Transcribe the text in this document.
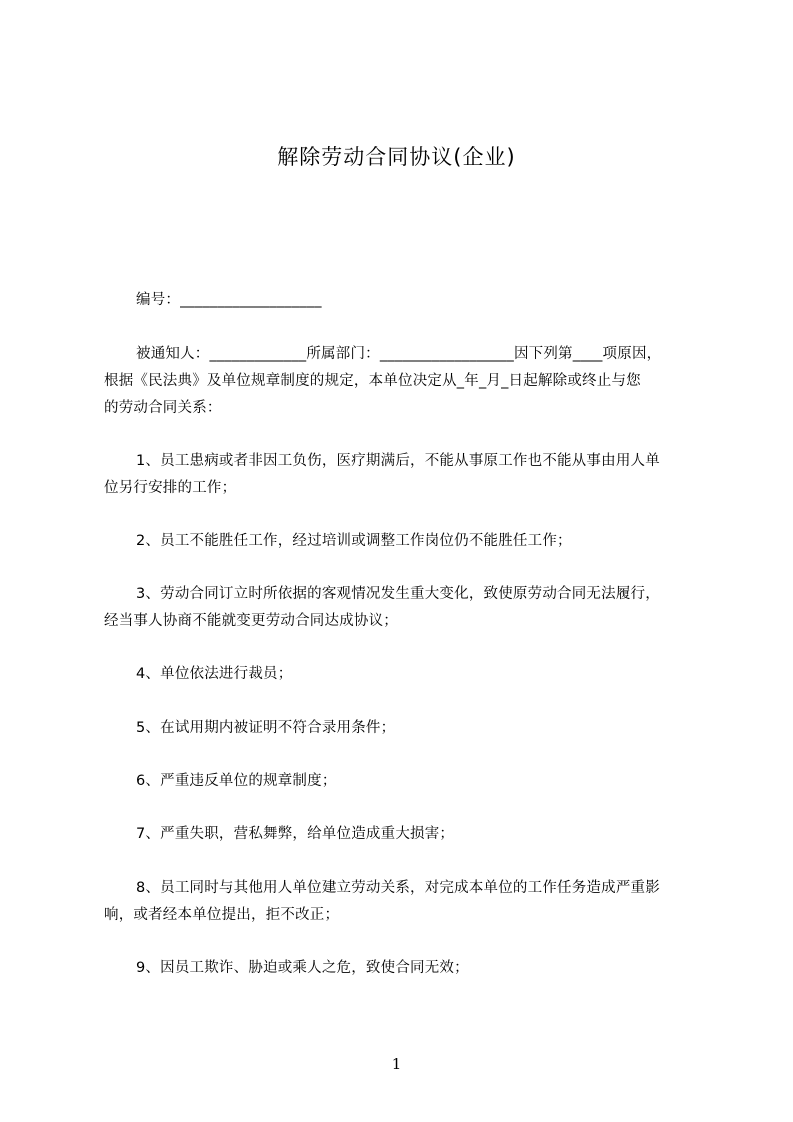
解除劳动合同协议(企业)
编号：___________________
被通知人：_____________所属部门：__________________因下列第____项原因，
根据《民法典》及单位规章制度的规定，本单位决定从_年_月_日起解除或终止与您
的劳动合同关系：
1、员工患病或者非因工负伤，医疗期满后，不能从事原工作也不能从事由用人单
位另行安排的工作；
2、员工不能胜任工作，经过培训或调整工作岗位仍不能胜任工作；
3、劳动合同订立时所依据的客观情况发生重大变化，致使原劳动合同无法履行，
经当事人协商不能就变更劳动合同达成协议；
4、单位依法进行裁员；
5、在试用期内被证明不符合录用条件；
6、严重违反单位的规章制度；
7、严重失职，营私舞弊，给单位造成重大损害；
8、员工同时与其他用人单位建立劳动关系，对完成本单位的工作任务造成严重影
响，或者经本单位提出，拒不改正；
9、因员工欺诈、胁迫或乘人之危，致使合同无效；
1
